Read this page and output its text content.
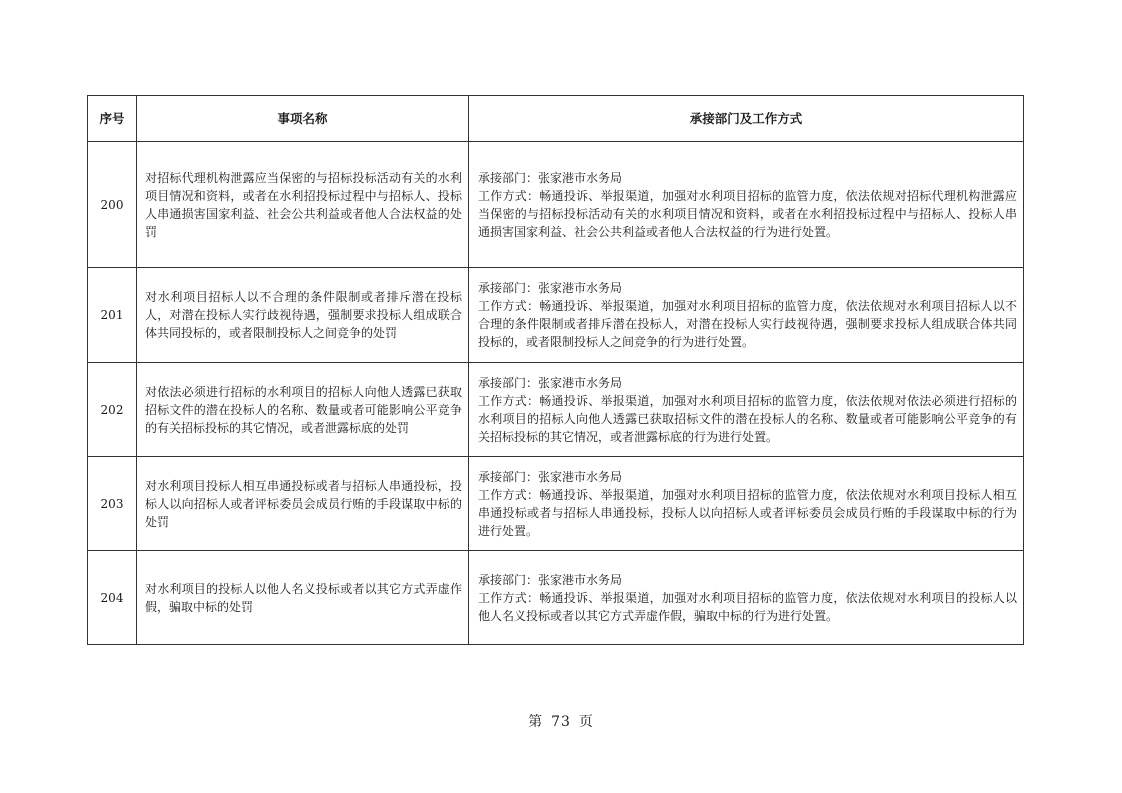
序号	事项名称	承接部门及工作方式
200	对招标代理机构泄露应当保密的与招标投标活动有关的水利项目情况和资料，或者在水利招投标过程中与招标人、投标人串通损害国家利益、社会公共利益或者他人合法权益的处罚	承接部门：张家港市水务局
工作方式：畅通投诉、举报渠道，加强对水利项目招标的监管力度，依法依规对招标代理机构泄露应当保密的与招标投标活动有关的水利项目情况和资料，或者在水利招投标过程中与招标人、投标人串通损害国家利益、社会公共利益或者他人合法权益的行为进行处置。

201	对水利项目招标人以不合理的条件限制或者排斥潜在投标人，对潜在投标人实行歧视待遇，强制要求投标人组成联合体共同投标的，或者限制投标人之间竞争的处罚	承接部门：张家港市水务局
工作方式：畅通投诉、举报渠道，加强对水利项目招标的监管力度，依法依规对水利项目招标人以不合理的条件限制或者排斥潜在投标人，对潜在投标人实行歧视待遇，强制要求投标人组成联合体共同投标的，或者限制投标人之间竞争的行为进行处置。

202	对依法必须进行招标的水利项目的招标人向他人透露已获取招标文件的潜在投标人的名称、数量或者可能影响公平竞争的有关招标投标的其它情况，或者泄露标底的处罚	承接部门：张家港市水务局
工作方式：畅通投诉、举报渠道，加强对水利项目招标的监管力度，依法依规对依法必须进行招标的水利项目的招标人向他人透露已获取招标文件的潜在投标人的名称、数量或者可能影响公平竞争的有关招标投标的其它情况，或者泄露标底的行为进行处置。

203	对水利项目投标人相互串通投标或者与招标人串通投标，投标人以向招标人或者评标委员会成员行贿的手段谋取中标的处罚	承接部门：张家港市水务局
工作方式：畅通投诉、举报渠道，加强对水利项目招标的监管力度，依法依规对水利项目投标人相互串通投标或者与招标人串通投标，投标人以向招标人或者评标委员会成员行贿的手段谋取中标的行为进行处置。

204	对水利项目的投标人以他人名义投标或者以其它方式弄虚作假，骗取中标的处罚	承接部门：张家港市水务局
工作方式：畅通投诉、举报渠道，加强对水利项目招标的监管力度，依法依规对水利项目的投标人以他人名义投标或者以其它方式弄虚作假，骗取中标的行为进行处置。
第 73 页
